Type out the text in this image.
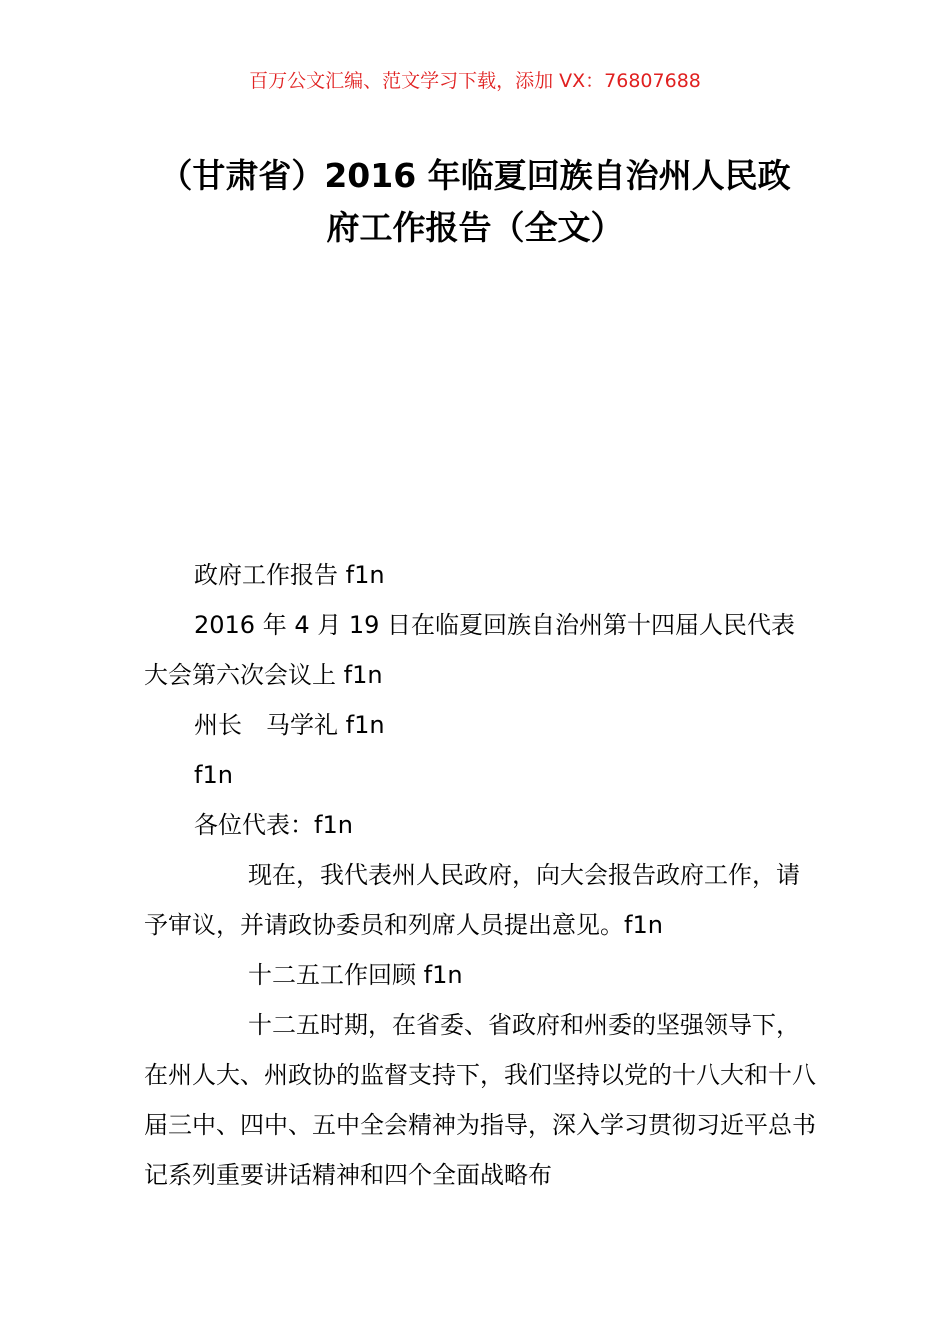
百万公文汇编、范文学习下载，添加 VX：76807688
（甘肃省）2016 年临夏回族自治州人民政
府工作报告（全文）

政府工作报告 f1n

2016 年 4 月 19 日在临夏回族自治州第十四届人民代表大会第六次会议上 f1n

州长　马学礼 f1n

f1n

各位代表：f1n

现在，我代表州人民政府，向大会报告政府工作，请予审议，并请政协委员和列席人员提出意见。f1n

十二五工作回顾 f1n

十二五时期，在省委、省政府和州委的坚强领导下，在州人大、州政协的监督支持下，我们坚持以党的十八大和十八届三中、四中、五中全会精神为指导，深入学习贯彻习近平总书记系列重要讲话精神和四个全面战略布
